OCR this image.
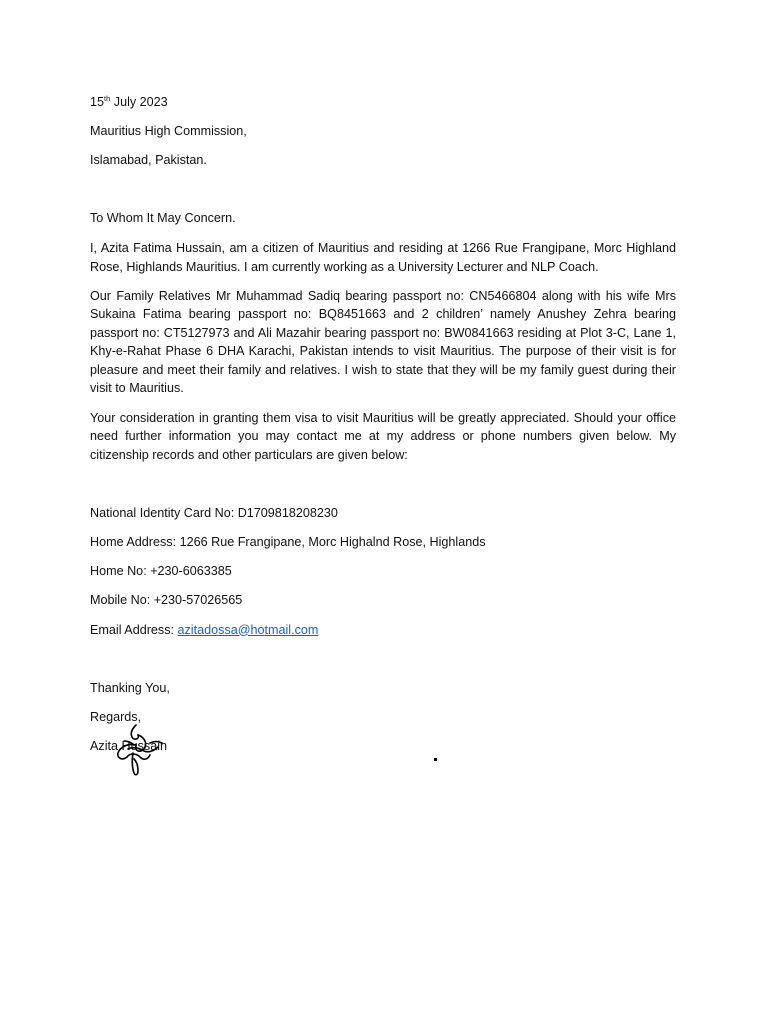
15th July 2023

Mauritius High Commission,

Islamabad, Pakistan.

To Whom It May Concern.

I, Azita Fatima Hussain, am a citizen of Mauritius and residing at 1266 Rue Frangipane, Morc Highland Rose, Highlands Mauritius. I am currently working as a University Lecturer and NLP Coach.

Our Family Relatives Mr Muhammad Sadiq bearing passport no: CN5466804 along with his wife Mrs Sukaina Fatima bearing passport no: BQ8451663 and 2 children’ namely Anushey Zehra bearing passport no: CT5127973 and Ali Mazahir bearing passport no: BW0841663 residing at Plot 3-C, Lane 1, Khy-e-Rahat Phase 6 DHA Karachi, Pakistan intends to visit Mauritius. The purpose of their visit is for pleasure and meet their family and relatives. I wish to state that they will be my family guest during their visit to Mauritius.

Your consideration in granting them visa to visit Mauritius will be greatly appreciated. Should your office need further information you may contact me at my address or phone numbers given below. My citizenship records and other particulars are given below:

National Identity Card No: D1709818208230

Home Address: 1266 Rue Frangipane, Morc Highalnd Rose, Highlands

Home No: +230-6063385

Mobile No: +230-57026565

Email Address: azitadossa@hotmail.com

Thanking You,

Regards,

Azita Hussain
